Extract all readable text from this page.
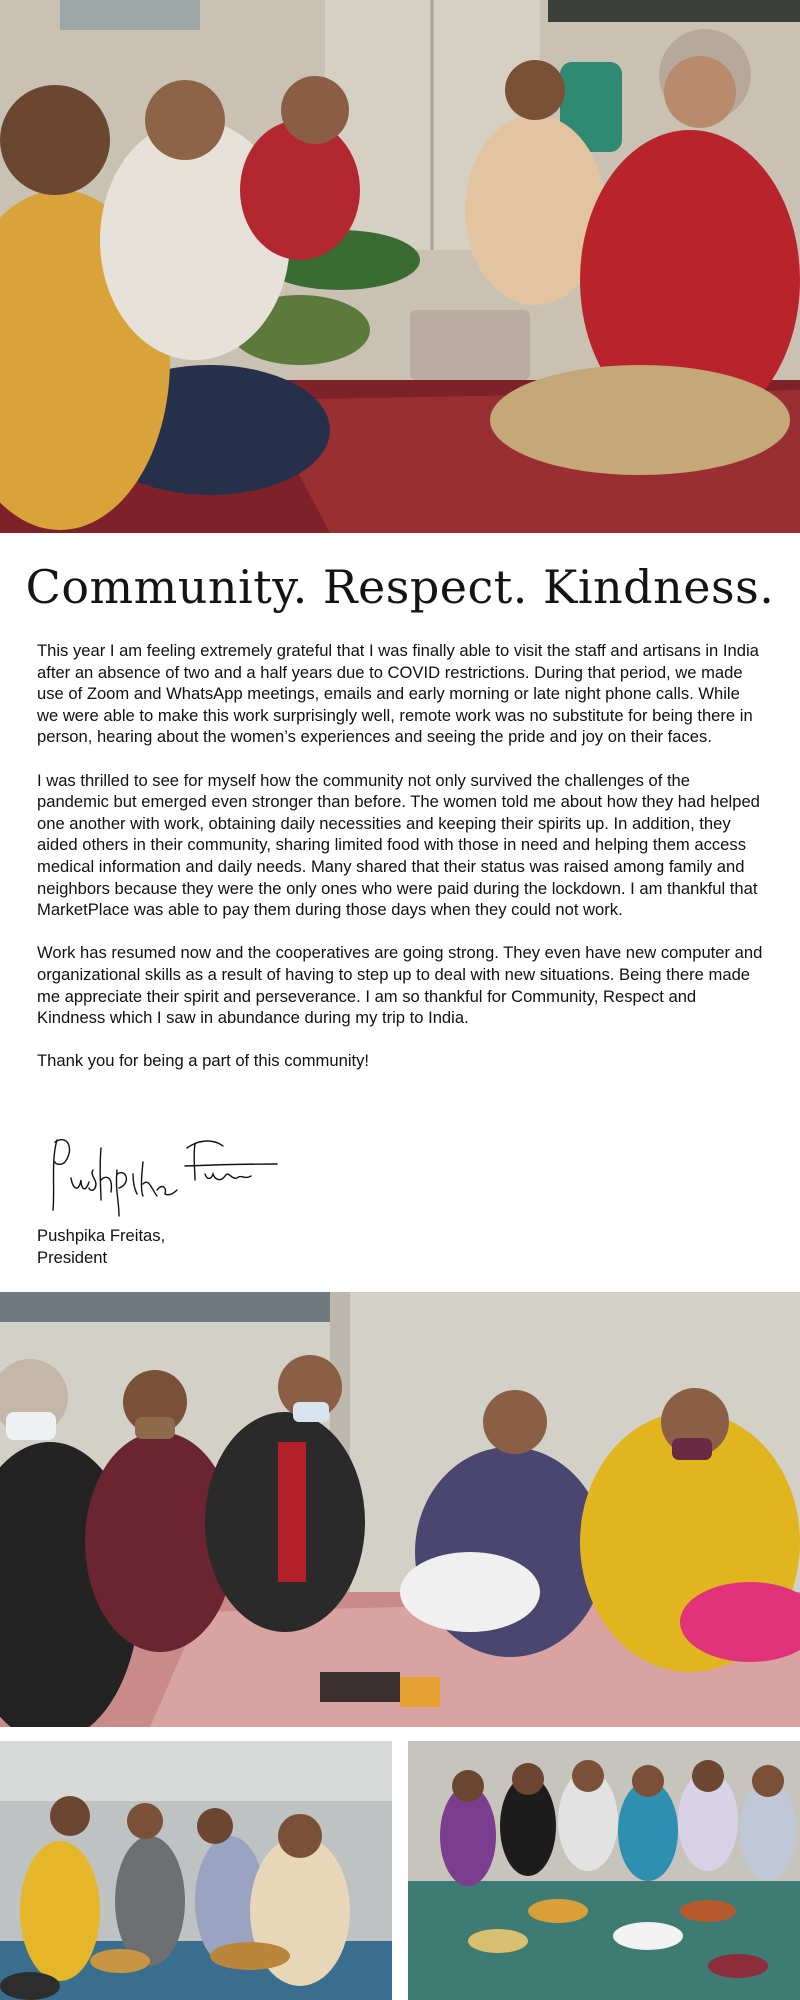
Community. Respect. Kindness.

This year I am feeling extremely grateful that I was finally able to visit the staff and artisans in India after an absence of two and a half years due to COVID restrictions. During that period, we made use of Zoom and WhatsApp meetings, emails and early morning or late night phone calls. While we were able to make this work surprisingly well, remote work was no substitute for being there in person, hearing about the women’s experiences and seeing the pride and joy on their faces.

I was thrilled to see for myself how the community not only survived the challenges of the pandemic but emerged even stronger than before. The women told me about how they had helped one another with work, obtaining daily necessities and keeping their spirits up. In addition, they aided others in their community, sharing limited food with those in need and helping them access medical information and daily needs. Many shared that their status was raised among family and neighbors because they were the only ones who were paid during the lockdown. I am thankful that MarketPlace was able to pay them during those days when they could not work.

Work has resumed now and the cooperatives are going strong. They even have new computer and organizational skills as a result of having to step up to deal with new situations. Being there made me appreciate their spirit and perseverance. I am so thankful for Community, Respect and Kindness which I saw in abundance during my trip to India.

Thank you for being a part of this community!

Pushpika Freitas,
President
